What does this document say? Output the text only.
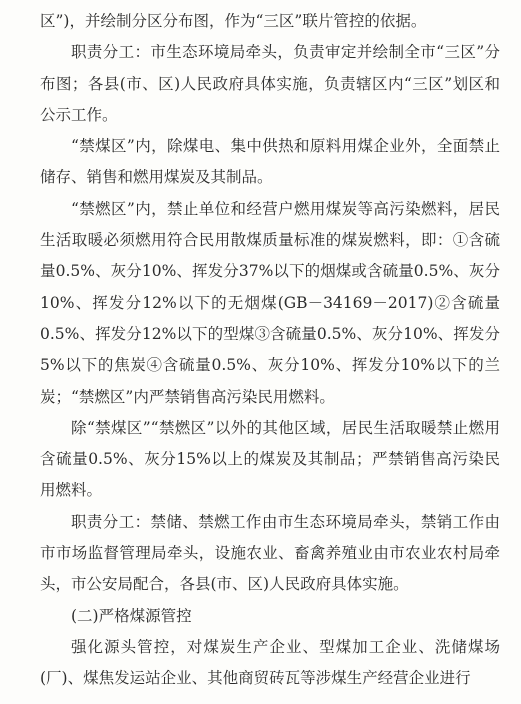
区”)，并绘制分区分布图，作为“三区”联片管控的依据。

职责分工：市生态环境局牵头，负责审定并绘制全市“三区”分布图；各县(市、区)人民政府具体实施，负责辖区内“三区”划区和公示工作。

“禁煤区”内，除煤电、集中供热和原料用煤企业外，全面禁止储存、销售和燃用煤炭及其制品。

“禁燃区”内，禁止单位和经营户燃用煤炭等高污染燃料，居民生活取暖必须燃用符合民用散煤质量标准的煤炭燃料，即：①含硫量0.5%、灰分10%、挥发分37%以下的烟煤或含硫量0.5%、灰分10%、挥发分12%以下的无烟煤(GB－34169－2017)②含硫量0.5%、挥发分12%以下的型煤③含硫量0.5%、灰分10%、挥发分5%以下的焦炭④含硫量0.5%、灰分10%、挥发分10%以下的兰炭；“禁燃区”内严禁销售高污染民用燃料。

除“禁煤区”“禁燃区”以外的其他区域，居民生活取暖禁止燃用含硫量0.5%、灰分15%以上的煤炭及其制品；严禁销售高污染民用燃料。

职责分工：禁储、禁燃工作由市生态环境局牵头，禁销工作由市市场监督管理局牵头，设施农业、畜禽养殖业由市农业农村局牵头，市公安局配合，各县(市、区)人民政府具体实施。

(二)严格煤源管控

强化源头管控，对煤炭生产企业、型煤加工企业、洗储煤场(厂)、煤焦发运站企业、其他商贸砖瓦等涉煤生产经营企业进行
